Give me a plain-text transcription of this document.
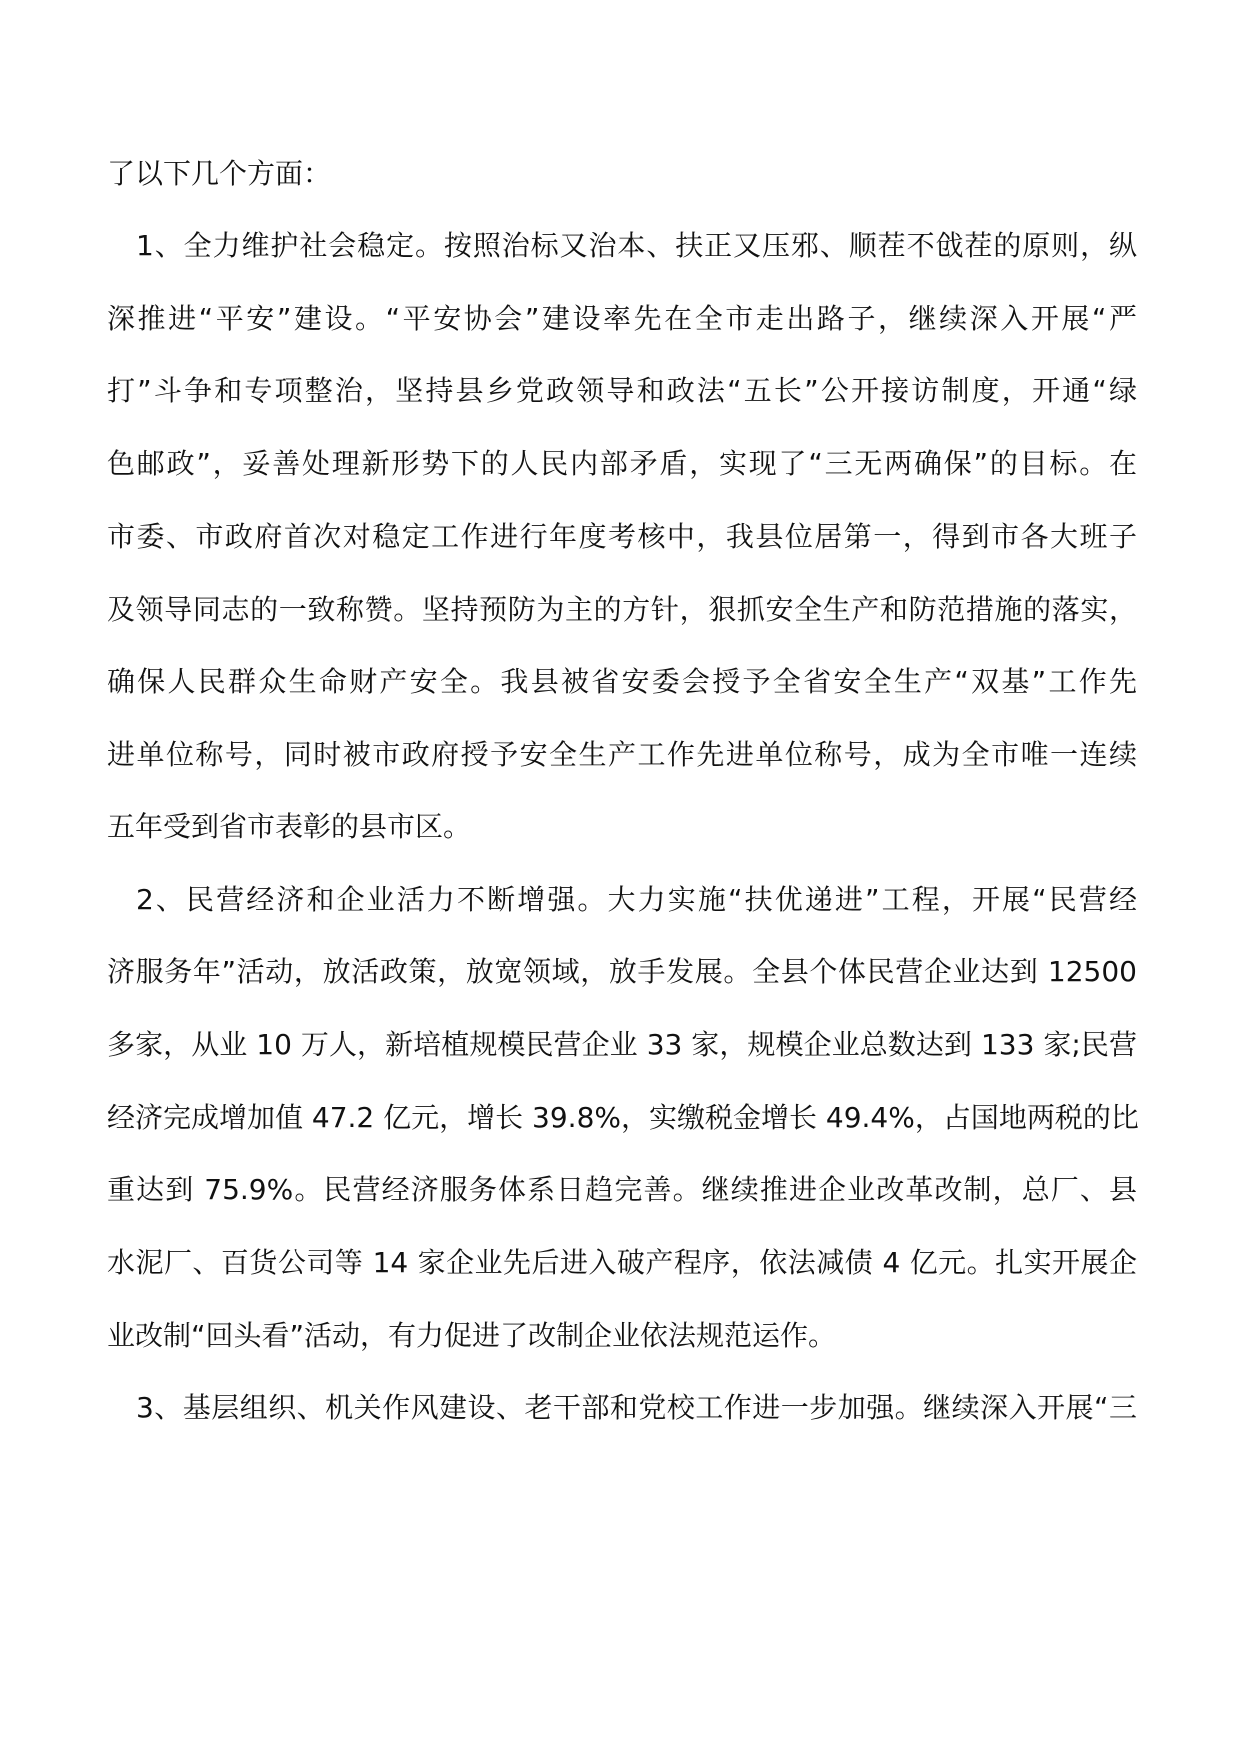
了以下几个方面：
1、全力维护社会稳定。按照治标又治本、扶正又压邪、顺茬不戗茬的原则，纵
深推进“平安”建设。“平安协会”建设率先在全市走出路子，继续深入开展“严
打”斗争和专项整治，坚持县乡党政领导和政法“五长”公开接访制度，开通“绿
色邮政”，妥善处理新形势下的人民内部矛盾，实现了“三无两确保”的目标。在
市委、市政府首次对稳定工作进行年度考核中，我县位居第一，得到市各大班子
及领导同志的一致称赞。坚持预防为主的方针，狠抓安全生产和防范措施的落实，
确保人民群众生命财产安全。我县被省安委会授予全省安全生产“双基”工作先
进单位称号，同时被市政府授予安全生产工作先进单位称号，成为全市唯一连续
五年受到省市表彰的县市区。
2、民营经济和企业活力不断增强。大力实施“扶优递进”工程，开展“民营经
济服务年”活动，放活政策，放宽领域，放手发展。全县个体民营企业达到 12500
多家，从业 10 万人，新培植规模民营企业 33 家，规模企业总数达到 133 家;民营
经济完成增加值 47.2 亿元，增长 39.8%，实缴税金增长 49.4%，占国地两税的比
重达到 75.9%。民营经济服务体系日趋完善。继续推进企业改革改制，总厂、县
水泥厂、百货公司等 14 家企业先后进入破产程序，依法减债 4 亿元。扎实开展企
业改制“回头看”活动，有力促进了改制企业依法规范运作。
3、基层组织、机关作风建设、老干部和党校工作进一步加强。继续深入开展“三
